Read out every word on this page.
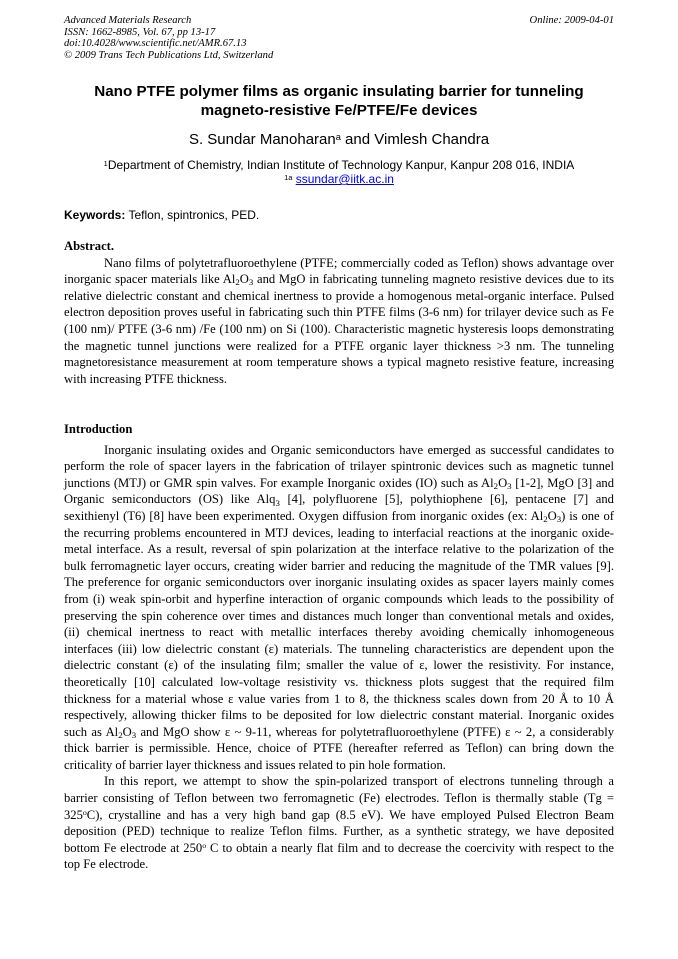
Advanced Materials Research
ISSN: 1662-8985, Vol. 67, pp 13-17
doi:10.4028/www.scientific.net/AMR.67.13
© 2009 Trans Tech Publications Ltd, Switzerland
Online: 2009-04-01
Nano PTFE polymer films as organic insulating barrier for tunneling
magneto-resistive Fe/PTFE/Fe devices
S. Sundar Manoharan$^a$ and Vimlesh Chandra
$^1$Department of Chemistry, Indian Institute of Technology Kanpur, Kanpur 208 016, INDIA
$^{1a}$ ssundar@iitk.ac.in
Keywords: Teflon, spintronics, PED.
Abstract.

Nano films of polytetrafluoroethylene (PTFE; commercially coded as Teflon) shows advantage over inorganic spacer materials like $Al_2O_3$ and MgO in fabricating tunneling magneto resistive devices due to its relative dielectric constant and chemical inertness to provide a homogenous metal-organic interface. Pulsed electron deposition proves useful in fabricating such thin PTFE films (3-6 nm) for trilayer device such as Fe (100 nm)/ PTFE (3-6 nm) /Fe (100 nm) on Si (100). Characteristic magnetic hysteresis loops demonstrating the magnetic tunnel junctions were realized for a PTFE organic layer thickness >3 nm. The tunneling magnetoresistance measurement at room temperature shows a typical magneto resistive feature, increasing with increasing PTFE thickness.

Introduction

Inorganic insulating oxides and Organic semiconductors have emerged as successful candidates to perform the role of spacer layers in the fabrication of trilayer spintronic devices such as magnetic tunnel junctions (MTJ) or GMR spin valves. For example Inorganic oxides (IO) such as $Al_2O_3$ [1-2], MgO [3] and Organic semiconductors (OS) like Alq$_3$ [4], polyfluorene [5], polythiophene [6], pentacene [7] and sexithienyl (T6) [8] have been experimented. Oxygen diffusion from inorganic oxides (ex: $Al_2O_3$) is one of the recurring problems encountered in MTJ devices, leading to interfacial reactions at the inorganic oxide-metal interface. As a result, reversal of spin polarization at the interface relative to the polarization of the bulk ferromagnetic layer occurs, creating wider barrier and reducing the magnitude of the TMR values [9]. The preference for organic semiconductors over inorganic insulating oxides as spacer layers mainly comes from (i) weak spin-orbit and hyperfine interaction of organic compounds which leads to the possibility of preserving the spin coherence over times and distances much longer than conventional metals and oxides, (ii) chemical inertness to react with metallic interfaces thereby avoiding chemically inhomogeneous interfaces (iii) low dielectric constant (ε) materials. The tunneling characteristics are dependent upon the dielectric constant (ε) of the insulating film; smaller the value of ε, lower the resistivity. For instance, theoretically [10] calculated low-voltage resistivity vs. thickness plots suggest that the required film thickness for a material whose ε value varies from 1 to 8, the thickness scales down from 20 Å to 10 Å respectively, allowing thicker films to be deposited for low dielectric constant material. Inorganic oxides such as $Al_2O_3$ and MgO show ε ~ 9-11, whereas for polytetrafluoroethylene (PTFE) ε ~ 2, a considerably thick barrier is permissible. Hence, choice of PTFE (hereafter referred as Teflon) can bring down the criticality of barrier layer thickness and issues related to pin hole formation.

In this report, we attempt to show the spin-polarized transport of electrons tunneling through a barrier consisting of Teflon between two ferromagnetic (Fe) electrodes. Teflon is thermally stable $(Tg = 325^oC)$, crystalline and has a very high band gap (8.5 eV). We have employed Pulsed Electron Beam deposition (PED) technique to realize Teflon films. Further, as a synthetic strategy, we have deposited bottom Fe electrode at 250$^o$ C to obtain a nearly flat film and to decrease the coercivity with respect to the top Fe electrode.
